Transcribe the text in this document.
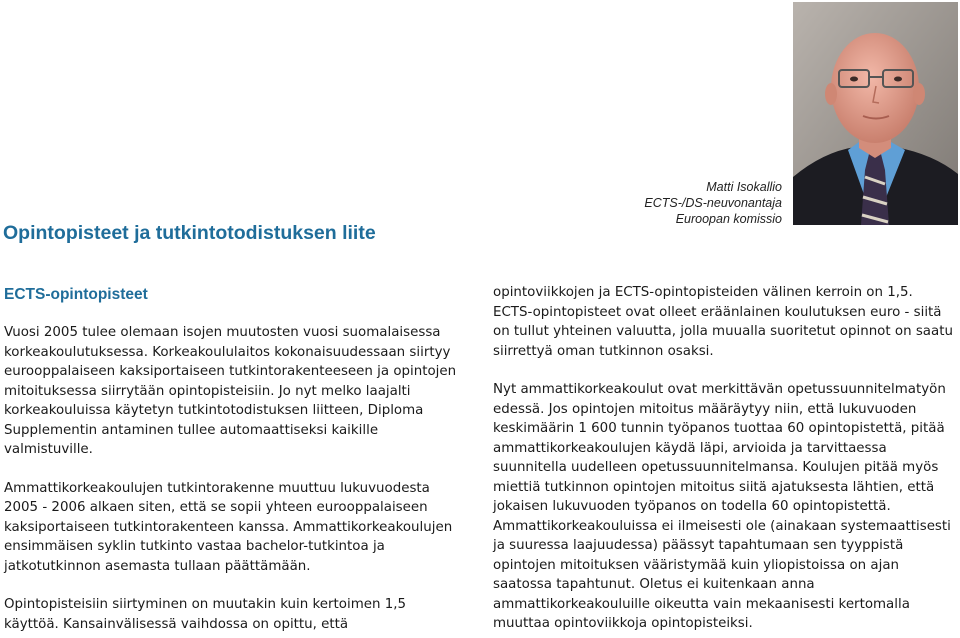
Matti Isokallio
ECTS-/DS-neuvonantaja
Euroopan komissio
Opintopisteet ja tutkintotodistuksen liite
ECTS-opintopisteet

Vuosi 2005 tulee olemaan isojen muutosten vuosi suomalaisessa korkeakoulutuksessa. Korkeakoululaitos kokonaisuudessaan siirtyy eurooppalaiseen kaksiportaiseen tutkintorakenteeseen ja opintojen mitoituksessa siirrytään opintopisteisiin. Jo nyt melko laajalti korkeakouluissa käytetyn tutkintotodistuksen liitteen, Diploma Supplementin antaminen tullee automaattiseksi kaikille valmistuville.

Ammattikorkeakoulujen tutkintorakenne muuttuu lukuvuodesta 2005 - 2006 alkaen siten, että se sopii yhteen eurooppalaiseen kaksiportaiseen tutkintorakenteen kanssa. Ammattikorkeakoulujen ensimmäisen syklin tutkinto vastaa bachelor-tutkintoa ja jatkotutkinnon asemasta tullaan päättämään.

Opintopisteisiin siirtyminen on muutakin kuin kertoimen 1,5 käyttöä. Kansainvälisessä vaihdossa on opittu, että

opintoviikkojen ja ECTS-opintopisteiden välinen kerroin on 1,5. ECTS-opintopisteet ovat olleet eräänlainen koulutuksen euro - siitä on tullut yhteinen valuutta, jolla muualla suoritetut opinnot on saatu siirrettyä oman tutkinnon osaksi.

Nyt ammattikorkeakoulut ovat merkittävän opetussuunnitelmatyön edessä. Jos opintojen mitoitus määräytyy niin, että lukuvuoden keskimäärin 1 600 tunnin työpanos tuottaa 60 opintopistettä, pitää ammattikorkeakoulujen käydä läpi, arvioida ja tarvittaessa suunnitella uudelleen opetussuunnitelmansa. Koulujen pitää myös miettiä tutkinnon opintojen mitoitus siitä ajatuksesta lähtien, että jokaisen lukuvuoden työpanos on todella 60 opintopistettä. Ammattikorkeakouluissa ei ilmeisesti ole (ainakaan systemaattisesti ja suuressa laajuudessa) päässyt tapahtumaan sen tyyppistä opintojen mitoituksen vääristymää kuin yliopistoissa on ajan saatossa tapahtunut. Oletus ei kuitenkaan anna ammattikorkeakouluille oikeutta vain mekaanisesti kertomalla muuttaa opintoviikkoja opintopisteiksi.
